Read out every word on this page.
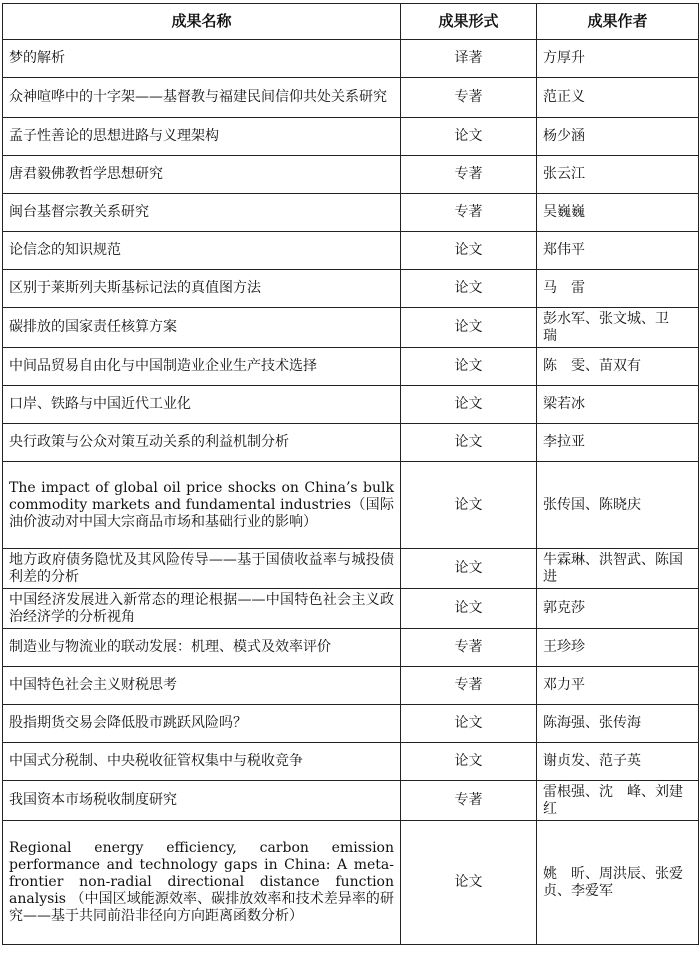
成果名称	成果形式	成果作者
梦的解析	译著	方厚升
众神喧哗中的十字架——基督教与福建民间信仰共处关系研究	专著	范正义
孟子性善论的思想进路与义理架构	论文	杨少涵
唐君毅佛教哲学思想研究	专著	张云江
闽台基督宗教关系研究	专著	吴巍巍
论信念的知识规范	论文	郑伟平
区别于莱斯列夫斯基标记法的真值图方法	论文	马　雷
碳排放的国家责任核算方案	论文	彭水军、张文城、卫　瑞
中间品贸易自由化与中国制造业企业生产技术选择	论文	陈　雯、苗双有
口岸、铁路与中国近代工业化	论文	梁若冰
央行政策与公众对策互动关系的利益机制分析	论文	李拉亚
The impact of global oil price shocks on China’s bulk commodity markets and fundamental industries（国际油价波动对中国大宗商品市场和基础行业的影响）	论文	张传国、陈晓庆
地方政府债务隐忧及其风险传导——基于国债收益率与城投债利差的分析	论文	牛霖琳、洪智武、陈国进
中国经济发展进入新常态的理论根据——中国特色社会主义政治经济学的分析视角	论文	郭克莎
制造业与物流业的联动发展：机理、模式及效率评价	专著	王珍珍
中国特色社会主义财税思考	专著	邓力平
股指期货交易会降低股市跳跃风险吗？	论文	陈海强、张传海
中国式分税制、中央税收征管权集中与税收竞争	论文	谢贞发、范子英
我国资本市场税收制度研究	专著	雷根强、沈　峰、刘建红
Regional energy efficiency, carbon emission performance and technology gaps in China: A meta-frontier non-radial directional distance function analysis （中国区域能源效率、碳排放效率和技术差异率的研究——基于共同前沿非径向方向距离函数分析）	论文	姚　昕、周洪辰、张爱贞、李爱军
